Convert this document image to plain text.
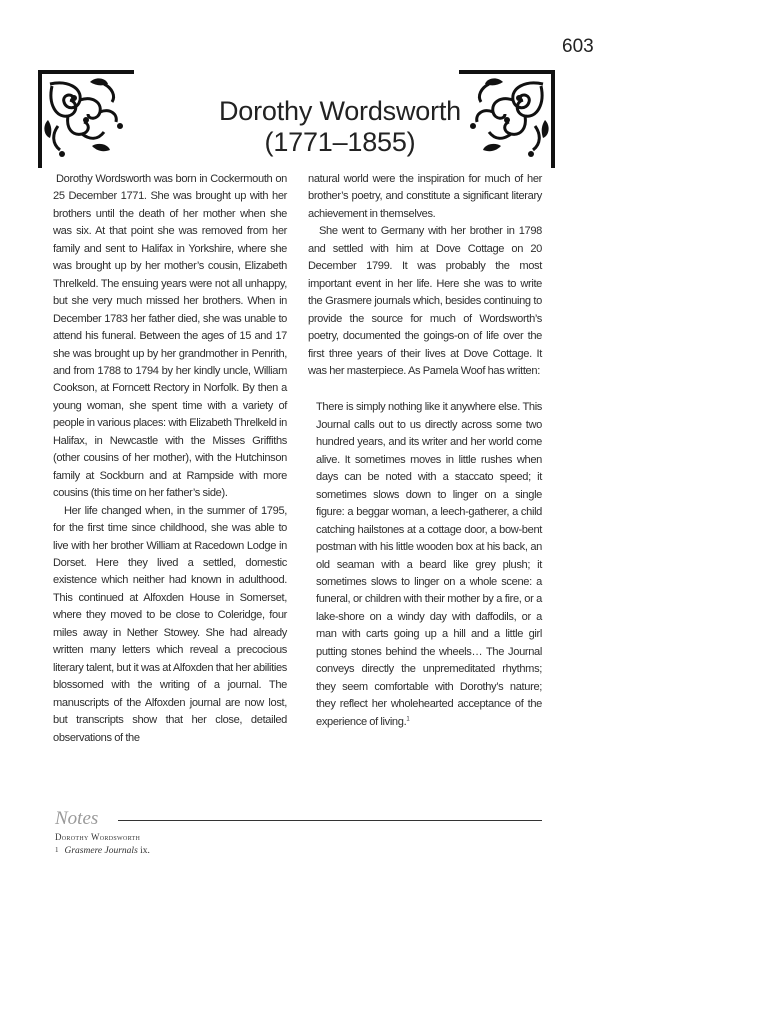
603
Dorothy Wordsworth
(1771–1855)

Dorothy Wordsworth was born in Cockermouth on 25 December 1771. She was brought up with her brothers until the death of her mother when she was six. At that point she was removed from her family and sent to Halifax in Yorkshire, where she was brought up by her mother’s cousin, Elizabeth Threlkeld. The ensuing years were not all unhappy, but she very much missed her brothers. When in December 1783 her father died, she was unable to attend his funeral. Between the ages of 15 and 17 she was brought up by her grandmother in Penrith, and from 1788 to 1794 by her kindly uncle, William Cookson, at Forncett Rectory in Norfolk. By then a young woman, she spent time with a variety of people in various places: with Elizabeth Threlkeld in Halifax, in Newcastle with the Misses Griffiths (other cousins of her mother), with the Hutchinson family at Sockburn and at Rampside with more cousins (this time on her father’s side).

Her life changed when, in the summer of 1795, for the first time since childhood, she was able to live with her brother William at Racedown Lodge in Dorset. Here they lived a settled, domestic existence which neither had known in adulthood. This continued at Alfoxden House in Somerset, where they moved to be close to Coleridge, four miles away in Nether Stowey. She had already written many letters which reveal a precocious literary talent, but it was at Alfoxden that her abilities blossomed with the writing of a journal. The manuscripts of the Alfoxden journal are now lost, but transcripts show that her close, detailed observations of the

natural world were the inspiration for much of her brother’s poetry, and constitute a significant literary achievement in themselves.

She went to Germany with her brother in 1798 and settled with him at Dove Cottage on 20 December 1799. It was probably the most important event in her life. Here she was to write the Grasmere journals which, besides continuing to provide the source for much of Wordsworth’s poetry, documented the goings-on of life over the first three years of their lives at Dove Cottage. It was her masterpiece. As Pamela Woof has written:

There is simply nothing like it anywhere else. This Journal calls out to us directly across some two hundred years, and its writer and her world come alive. It sometimes moves in little rushes when days can be noted with a staccato speed; it sometimes slows down to linger on a single figure: a beggar woman, a leech-gatherer, a child catching hailstones at a cottage door, a bow-bent postman with his little wooden box at his back, an old seaman with a beard like grey plush; it sometimes slows to linger on a whole scene: a funeral, or children with their mother by a fire, or a lake-shore on a windy day with daffodils, or a man with carts going up a hill and a little girl putting stones behind the wheels… The Journal conveys directly the unpremeditated rhythms; they seem comfortable with Dorothy’s nature; they reflect her wholehearted acceptance of the experience of living.$^1$

Notes
Dorothy Wordsworth
$^1$ Grasmere Journals ix.
